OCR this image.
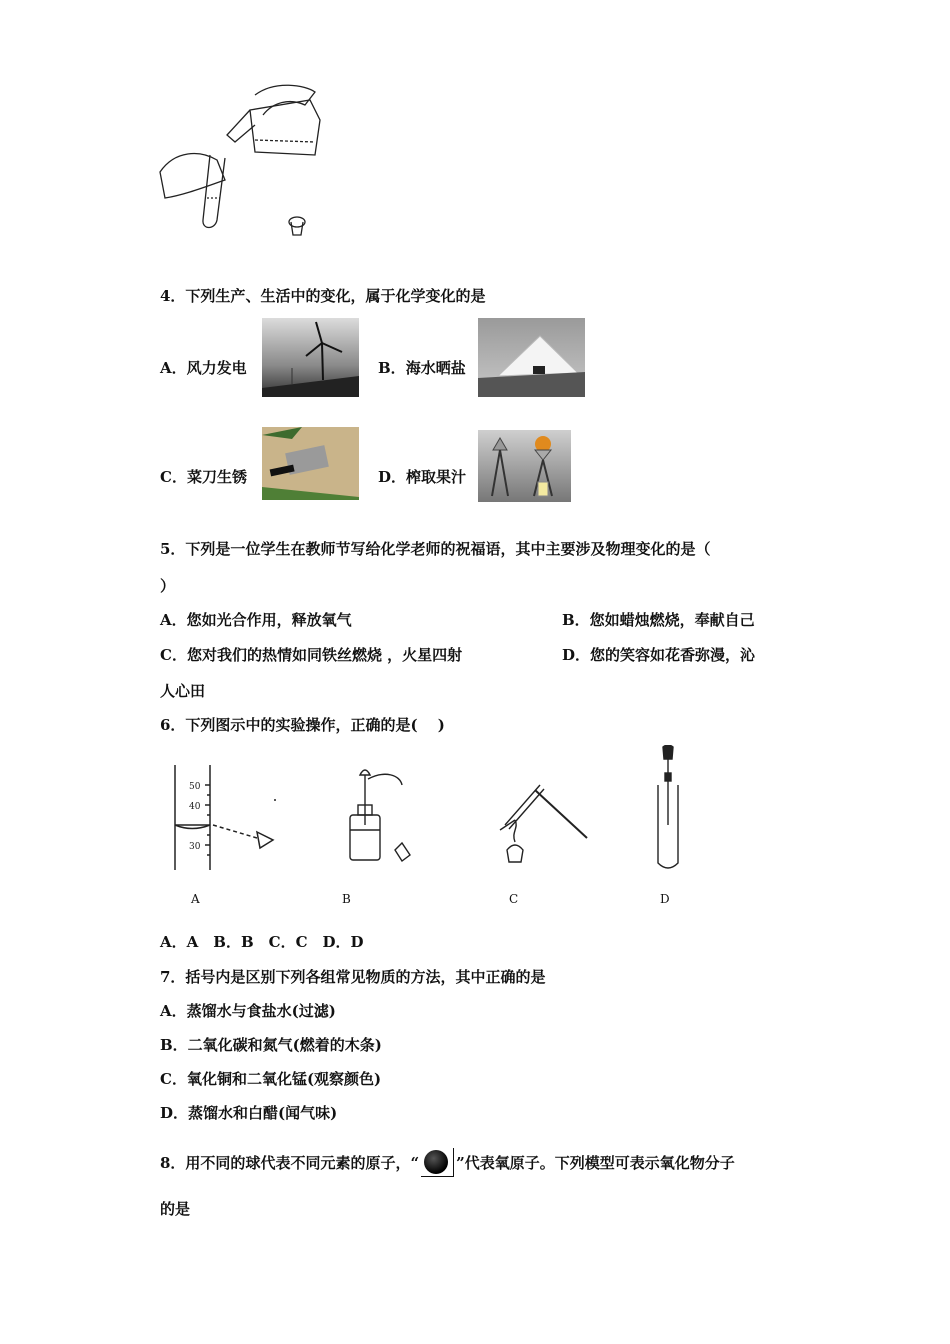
4．下列生产、生活中的变化，属于化学变化的是
A．风力发电	B．海水晒盐
C．菜刀生锈	D．榨取果汁
5．下列是一位学生在教师节写给化学老师的祝福语，其中主要涉及物理变化的是（
）
A．您如光合作用，释放氧气	B．您如蜡烛燃烧，奉献自己
C．您对我们的热情如同铁丝燃烧 ，火星四射	D．您的笑容如花香弥漫，沁
人心田
6．下列图示中的实验操作，正确的是(　 )
50
40
30
A	B	C	D
A．A　B．B　C．C　D．D
7．括号内是区别下列各组常见物质的方法，其中正确的是
A．蒸馏水与食盐水(过滤)
B．二氧化碳和氮气(燃着的木条)
C．氧化铜和二氧化锰(观察颜色)
D．蒸馏水和白醋(闻气味)
8．用不同的球代表不同元素的原子，“ ”代表氧原子。下列模型可表示氧化物分子
的是
